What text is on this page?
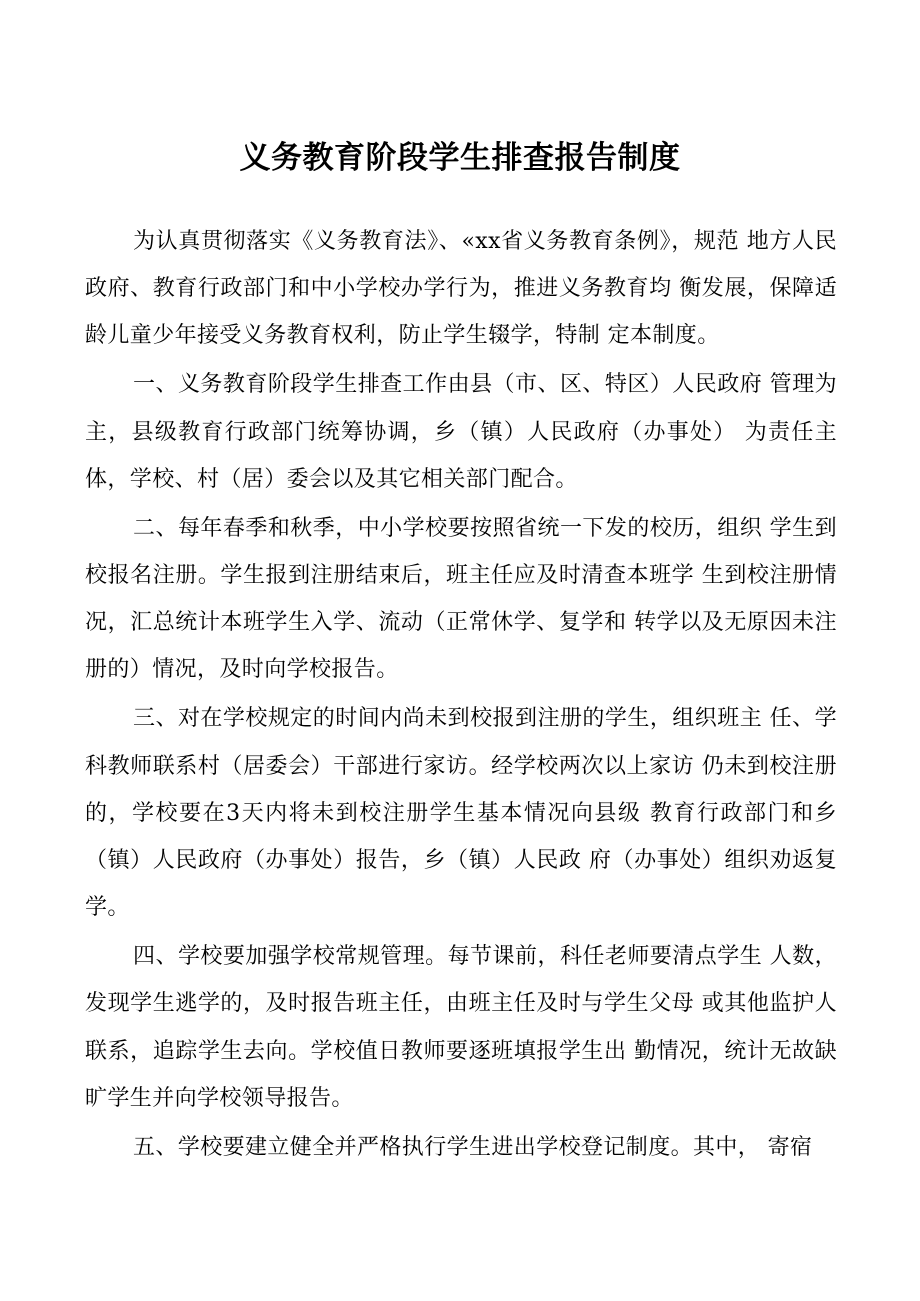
义务教育阶段学生排查报告制度

为认真贯彻落实《义务教育法》、«xx省义务教育条例》，规范 地方人民政府、教育行政部门和中小学校办学行为，推进义务教育均 衡发展，保障适龄儿童少年接受义务教育权利，防止学生辍学，特制 定本制度。

一、义务教育阶段学生排查工作由县（市、区、特区）人民政府 管理为主，县级教育行政部门统筹协调，乡（镇）人民政府（办事处） 为责任主体，学校、村（居）委会以及其它相关部门配合。

二、每年春季和秋季，中小学校要按照省统一下发的校历，组织 学生到校报名注册。学生报到注册结束后，班主任应及时清查本班学 生到校注册情况，汇总统计本班学生入学、流动（正常休学、复学和 转学以及无原因未注册的）情况，及时向学校报告。

三、对在学校规定的时间内尚未到校报到注册的学生，组织班主 任、学科教师联系村（居委会）干部进行家访。经学校两次以上家访 仍未到校注册的，学校要在3天内将未到校注册学生基本情况向县级 教育行政部门和乡（镇）人民政府（办事处）报告，乡（镇）人民政 府（办事处）组织劝返复学。

四、学校要加强学校常规管理。每节课前，科任老师要清点学生 人数，发现学生逃学的，及时报告班主任，由班主任及时与学生父母 或其他监护人联系，追踪学生去向。学校值日教师要逐班填报学生出 勤情况，统计无故缺旷学生并向学校领导报告。

五、学校要建立健全并严格执行学生进出学校登记制度。其中， 寄宿
